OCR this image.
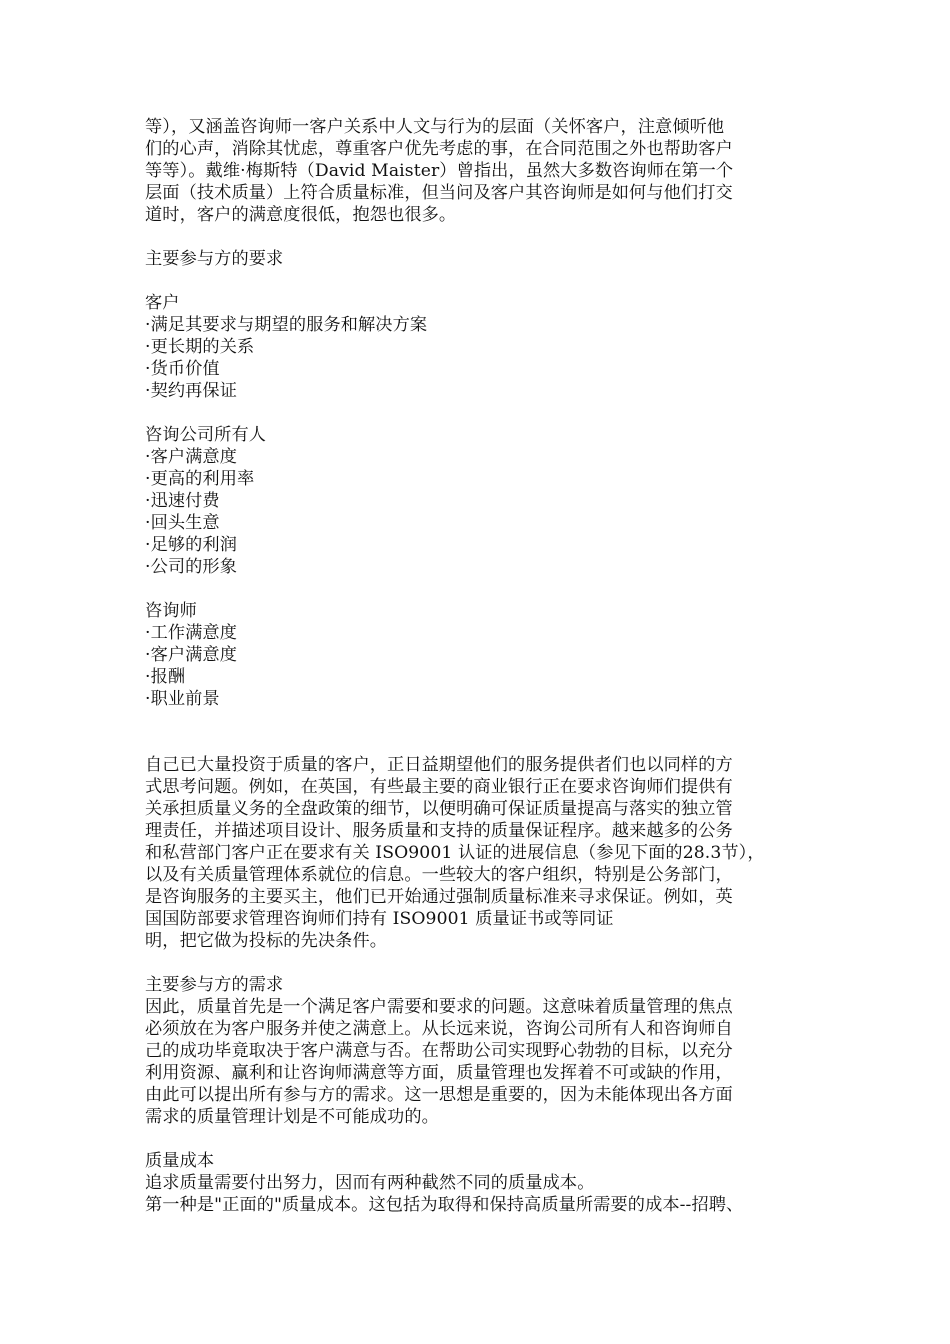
等），又涵盖咨询师一客户关系中人文与行为的层面（关怀客户，注意倾听他
们的心声，消除其忧虑，尊重客户优先考虑的事，在合同范围之外也帮助客户
等等）。戴维·梅斯特（David Maister）曾指出，虽然大多数咨询师在第一个
层面（技术质量）上符合质量标准，但当问及客户其咨询师是如何与他们打交
道时，客户的满意度很低，抱怨也很多。
主要参与方的要求
客户
·满足其要求与期望的服务和解决方案
·更长期的关系
·货币价值
·契约再保证
咨询公司所有人
·客户满意度
·更高的利用率
·迅速付费
·回头生意
·足够的利润
·公司的形象
咨询师
·工作满意度
·客户满意度
·报酬
·职业前景
自己已大量投资于质量的客户，正日益期望他们的服务提供者们也以同样的方
式思考问题。例如，在英国，有些最主要的商业银行正在要求咨询师们提供有
关承担质量义务的全盘政策的细节，以便明确可保证质量提高与落实的独立管
理责任，并描述项目设计、服务质量和支持的质量保证程序。越来越多的公务
和私营部门客户正在要求有关 ISO9001 认证的进展信息（参见下面的28.3节），
以及有关质量管理体系就位的信息。一些较大的客户组织，特别是公务部门，
是咨询服务的主要买主，他们已开始通过强制质量标准来寻求保证。例如，英
国国防部要求管理咨询师们持有 ISO9001 质量证书或等同证
明，把它做为投标的先决条件。
主要参与方的需求
因此，质量首先是一个满足客户需要和要求的问题。这意味着质量管理的焦点
必须放在为客户服务并使之满意上。从长远来说，咨询公司所有人和咨询师自
己的成功毕竟取决于客户满意与否。在帮助公司实现野心勃勃的目标，以充分
利用资源、赢利和让咨询师满意等方面，质量管理也发挥着不可或缺的作用，
由此可以提出所有参与方的需求。这一思想是重要的，因为未能体现出各方面
需求的质量管理计划是不可能成功的。
质量成本
追求质量需要付出努力，因而有两种截然不同的质量成本。
第一种是"正面的"质量成本。这包括为取得和保持高质量所需要的成本--招聘、
